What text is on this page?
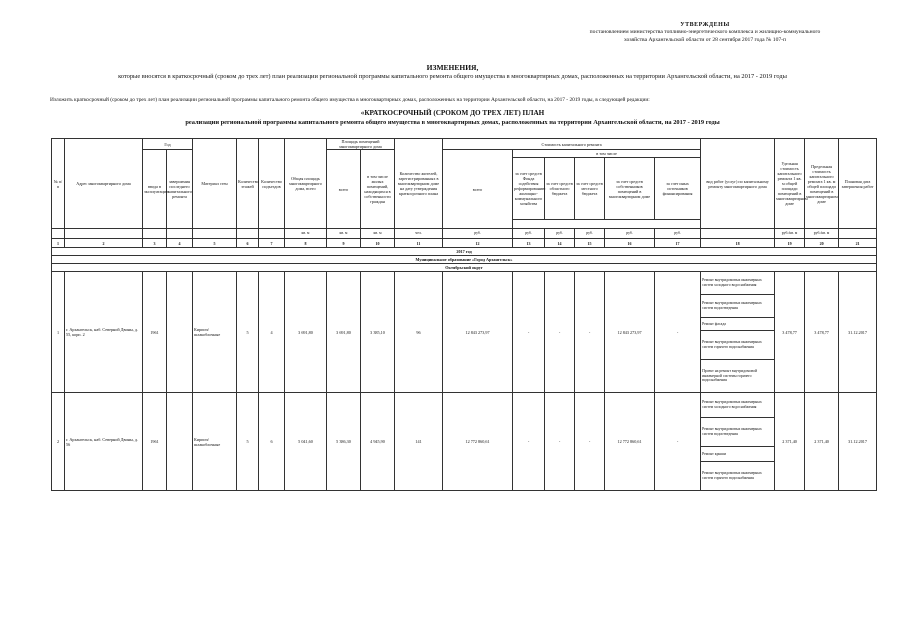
УТВЕРЖДЕНЫ
постановлением министерства топливно-энергетического комплекса и жилищно-коммунального
хозяйства Архангельской области от 28 сентября 2017 года № 107-п
ИЗМЕНЕНИЯ,
которые вносятся в краткосрочный (сроком до трех лет) план реализации региональной программы капитального ремонта общего имущества в многоквартирных домах, расположенных на территории Архангельской области, на 2017 - 2019 годы
Изложить краткосрочный (сроком до трех лет) план реализации региональной программы капитального ремонта общего имущества в многоквартирных домах, расположенных на территории Архангельской области, на 2017 - 2019 годы, в следующей редакции:
«КРАТКОСРОЧНЫЙ (СРОКОМ ДО ТРЕХ ЛЕТ) ПЛАН
реализации региональной программы капитального ремонта общего имущества в многоквартирных домах, расположенных на территории Архангельской области, на 2017 - 2019 годы
№ п/п	Адрес многоквартирного дома	Год		Материал стен	Количество этажей	Количество подъездов	Общая площадь многоквартирного дома, всего	Площадь помещений многоквартирного дома		Количество жителей, зарегистрированных в многоквартирном доме на дату утверждения краткосрочного плана	Стоимость капитального ремонта						вид работ (услуг) по капитальному ремонту многоквартирного дома	Удельная стоимость капитального ремонта 1 кв. м общей площади помещений в многоквартирном доме	Предельная стоимость капитального ремонта 1 кв. м общей площади помещений в многоквартирном доме	Плановая дата завершения работ
		ввода в эксплуатацию	завершения последнего капитального ремонта					всего	в том числе жилых помещений, находящихся в собственности граждан		всего	в том числе								
												за счет средств Фонда содействия реформированию жилищно-коммунального хозяйства	за счет средств областного бюджета	за счет средств местного бюджета	за счет средств собственников помещений в многоквартирном доме	за счет иных источников финансирования				

							кв. м	кв. м	кв. м	чел.	руб.	руб.	руб.	руб.	руб.	руб.		руб./кв. м	руб./кв. м	
1	2	3	4	5	6	7	8	9	10	11	12	13	14	15	16	17	18	19	20	21
2017 год																				
Муниципальное образование «Город Архангельск»																				
Октябрьский округ																				
1	г. Архангельск, наб. Северной Двины, д. 55, корп. 2	1961		Кирпич/ шлакоблочные	5	4	3 691,80	3 691,80	3 385,10	96	12 843 273,97	-	-	-	12 843 273,97	-	Ремонт внутридомовых инженерных систем холодного водоснабжения
Ремонт внутридомовых инженерных систем водоотведения
Ремонт фасада
Ремонт внутридомовых инженерных систем горячего водоснабжения
Проект на ремонт внутридомовой инженерной системы горячего водоснабжения	3 478,77	3 478,77	31.12.2017
2	г. Архангельск, наб. Северной Двины, д. 56	1961		Кирпич/ шлакоблочные	5	6	5 041,60	5 386,30	4 945,90	141	12 772 860,61	-	-	-	12 772 860,61	-	Ремонт внутридомовых инженерных систем холодного водоснабжения
Ремонт внутридомовых инженерных систем водоотведения
Ремонт крыши
Ремонт внутридомовых инженерных систем горячего водоснабжения	2 371,40	2 371,40	31.12.2017
